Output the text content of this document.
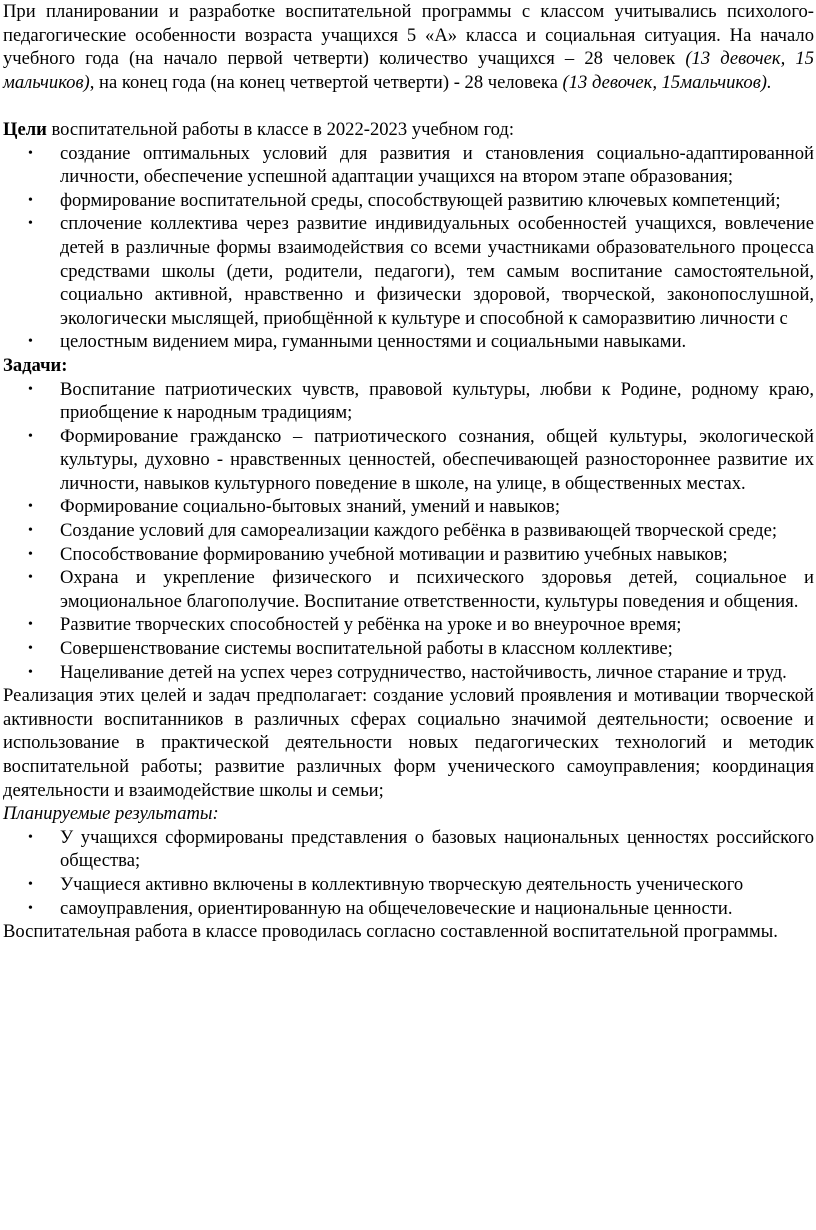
При планировании и разработке воспитательной программы с классом учитывались психолого-педагогические особенности возраста учащихся 5 «А» класса и социальная ситуация. На начало учебного года (на начало первой четверти) количество учащихся – 28 человек (13 девочек, 15 мальчиков), на конец года (на конец четвертой четверти) - 28 человека (13 девочек, 15мальчиков).

Цели воспитательной работы в классе в 2022-2023 учебном год:

• создание оптимальных условий для развития и становления социально-адаптированной личности, обеспечение успешной адаптации учащихся на втором этапе образования;
• формирование воспитательной среды, способствующей развитию ключевых компетенций;
• сплочение коллектива через развитие индивидуальных особенностей учащихся, вовлечение детей в различные формы взаимодействия со всеми участниками образовательного процесса средствами школы (дети, родители, педагоги), тем самым воспитание самостоятельной, социально активной, нравственно и физически здоровой, творческой, законопослушной, экологически мыслящей, приобщённой к культуре и способной к саморазвитию личности с
• целостным видением мира, гуманными ценностями и социальными навыками.

Задачи:

• Воспитание патриотических чувств, правовой культуры, любви к Родине, родному краю, приобщение к народным традициям;
• Формирование гражданско – патриотического сознания, общей культуры, экологической культуры, духовно - нравственных ценностей, обеспечивающей разностороннее развитие их личности, навыков культурного поведение в школе, на улице, в общественных местах.
• Формирование социально-бытовых знаний, умений и навыков;
• Создание условий для самореализации каждого ребёнка в развивающей творческой среде;
• Способствование формированию учебной мотивации и развитию учебных навыков;
• Охрана и укрепление физического и психического здоровья детей, социальное и эмоциональное благополучие. Воспитание ответственности, культуры поведения и общения.
• Развитие творческих способностей у ребёнка на уроке и во внеурочное время;
• Совершенствование системы воспитательной работы в классном коллективе;
• Нацеливание детей на успех через сотрудничество, настойчивость, личное старание и труд.

Реализация этих целей и задач предполагает: создание условий проявления и мотивации творческой активности воспитанников в различных сферах социально значимой деятельности; освоение и использование в практической деятельности новых педагогических технологий и методик воспитательной работы; развитие различных форм ученического самоуправления; координация деятельности и взаимодействие школы и семьи;

Планируемые результаты:

• У учащихся сформированы представления о базовых национальных ценностях российского общества;
• Учащиеся активно включены в коллективную творческую деятельность ученического
• самоуправления, ориентированную на общечеловеческие и национальные ценности.

Воспитательная работа в классе проводилась согласно составленной воспитательной программы.
